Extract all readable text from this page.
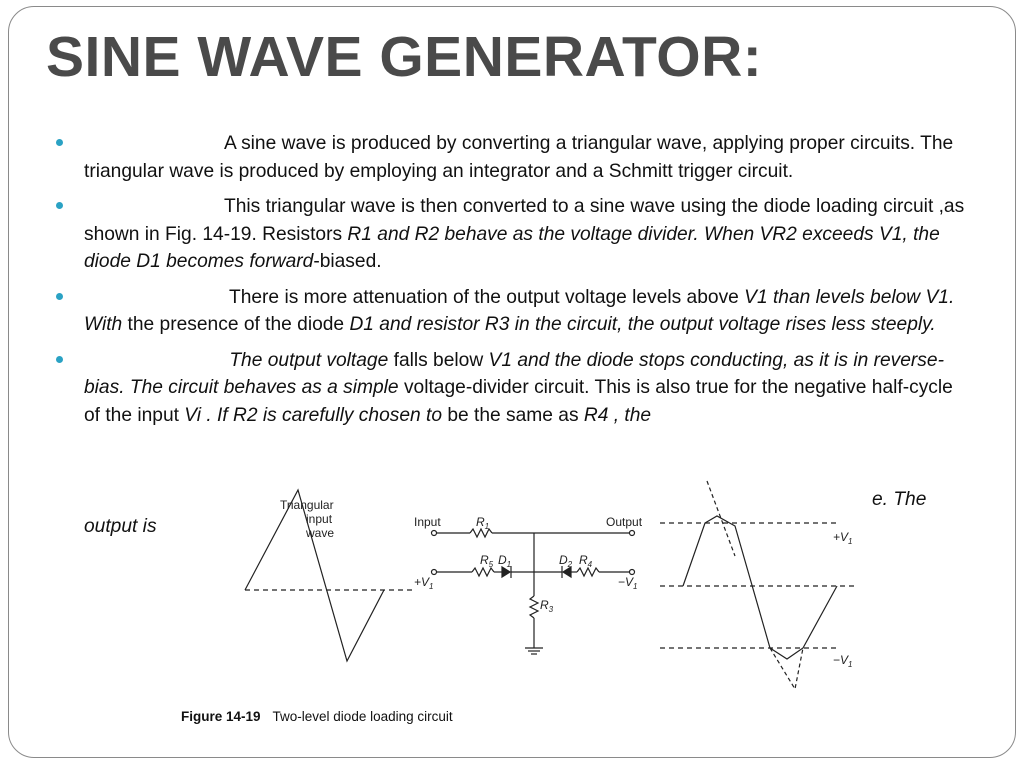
SINE WAVE GENERATOR:
A sine wave is produced by converting a triangular wave, applying proper circuits. The triangular wave is produced by employing an integrator and a Schmitt trigger circuit.
This triangular wave is then converted to a sine wave using the diode loading circuit ,as shown in Fig. 14-19. Resistors R1 and R2 behave as the voltage divider. When VR2 exceeds V1, the diode D1 becomes forward-biased.
There is more attenuation of the output voltage levels above V1 than levels below V1. With the presence of the diode D1 and resistor R3 in the circuit, the output voltage rises less steeply.
The output voltage falls below V1 and the diode stops conducting, as it is in reverse-bias. The circuit behaves as a simple voltage-divider circuit. This is also true for the negative half-cycle of the input Vi . If R2 is carefully chosen to be the same as R4 , the
e. The
output is
Triangular
input
wave
Input	$R_1$	Output
$R_5$ $D_1$	$D_2$ $R_4$
$+V_1$	$-V_1$
$R_3$
$+V_1$
$-V_1$
Figure 14-19 Two-level diode loading circuit
